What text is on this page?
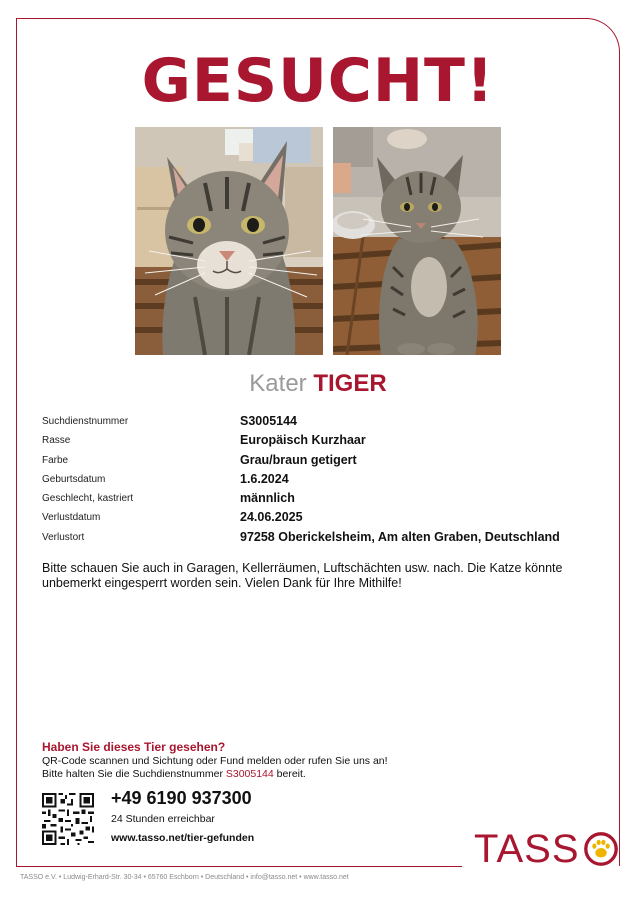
GESUCHT!
Kater TIGER
Suchdienstnummer	S3005144
Rasse	Europäisch Kurzhaar
Farbe	Grau/braun getigert
Geburtsdatum	1.6.2024
Geschlecht, kastriert	männlich
Verlustdatum	24.06.2025
Verlustort	97258 Oberickelsheim, Am alten Graben, Deutschland
Bitte schauen Sie auch in Garagen, Kellerräumen, Luftschächten usw. nach. Die Katze könnte unbemerkt eingesperrt worden sein. Vielen Dank für Ihre Mithilfe!
Haben Sie dieses Tier gesehen?
QR-Code scannen und Sichtung oder Fund melden oder rufen Sie uns an!
Bitte halten Sie die Suchdienstnummer S3005144 bereit.
+49 6190 937300
24 Stunden erreichbar
www.tasso.net/tier-gefunden	TASS
TASSO e.V. • Ludwig-Erhard-Str. 30-34 • 65760 Eschborn • Deutschland • info@tasso.net • www.tasso.net
